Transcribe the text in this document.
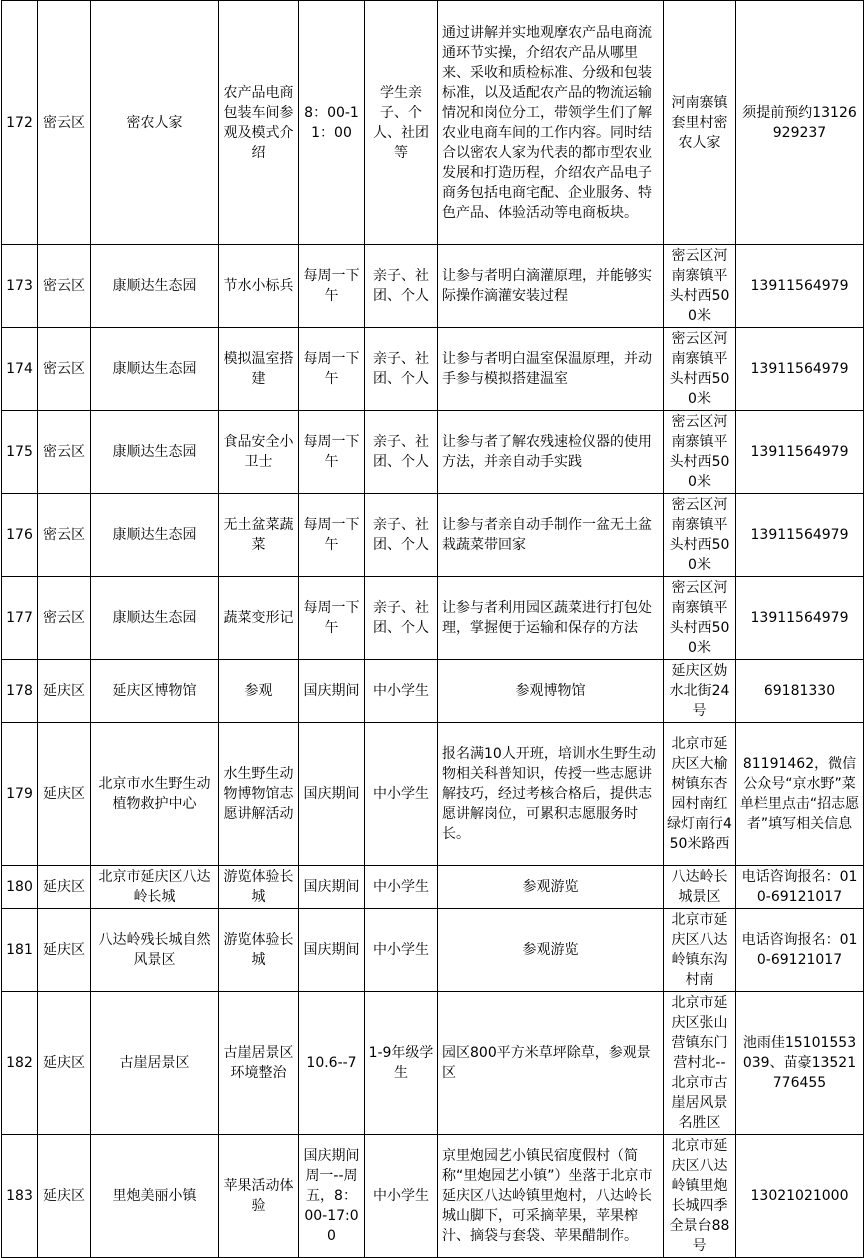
172	密云区	密农人家	农产品电商包装车间参观及模式介绍	8：00-11：00	学生亲子、个人、社团等	通过讲解并实地观摩农产品电商流通环节实操，介绍农产品从哪里来、采收和质检标准、分级和包装标准，以及适配农产品的物流运输情况和岗位分工，带领学生们了解农业电商车间的工作内容。同时结合以密农人家为代表的都市型农业发展和打造历程，介绍农产品电子商务包括电商宅配、企业服务、特色产品、体验活动等电商板块。	河南寨镇套里村密农人家	须提前预约13126929237
173	密云区	康顺达生态园	节水小标兵	每周一下午	亲子、社团、个人	让参与者明白滴灌原理，并能够实际操作滴灌安装过程	密云区河南寨镇平头村西500米	13911564979
174	密云区	康顺达生态园	模拟温室搭建	每周一下午	亲子、社团、个人	让参与者明白温室保温原理，并动手参与模拟搭建温室	密云区河南寨镇平头村西500米	13911564979
175	密云区	康顺达生态园	食品安全小卫士	每周一下午	亲子、社团、个人	让参与者了解农残速检仪器的使用方法，并亲自动手实践	密云区河南寨镇平头村西500米	13911564979
176	密云区	康顺达生态园	无土盆菜蔬菜	每周一下午	亲子、社团、个人	让参与者亲自动手制作一盆无土盆栽蔬菜带回家	密云区河南寨镇平头村西500米	13911564979
177	密云区	康顺达生态园	蔬菜变形记	每周一下午	亲子、社团、个人	让参与者利用园区蔬菜进行打包处理，掌握便于运输和保存的方法	密云区河南寨镇平头村西500米	13911564979
178	延庆区	延庆区博物馆	参观	国庆期间	中小学生	参观博物馆	延庆区妫水北街24号	69181330
179	延庆区	北京市水生野生动植物救护中心	水生野生动物博物馆志愿讲解活动	国庆期间	中小学生	报名满10人开班，培训水生野生动物相关科普知识，传授一些志愿讲解技巧，经过考核合格后，提供志愿讲解岗位，可累积志愿服务时长。	北京市延庆区大榆树镇东杏园村南红绿灯南行450米路西	81191462，微信公众号“京水野”菜单栏里点击“招志愿者”填写相关信息
180	延庆区	北京市延庆区八达岭长城	游览体验长城	国庆期间	中小学生	参观游览	八达岭长城景区	电话咨询报名：010-69121017
181	延庆区	八达岭残长城自然风景区	游览体验长城	国庆期间	中小学生	参观游览	北京市延庆区八达岭镇东沟村南	电话咨询报名：010-69121017
182	延庆区	古崖居景区	古崖居景区环境整治	10.6--7	1-9年级学生	园区800平方米草坪除草，参观景区	北京市延庆区张山营镇东门营村北--北京市古崖居风景名胜区	池雨佳15101553039、苗豪13521776455
183	延庆区	里炮美丽小镇	苹果活动体验	国庆期间周一--周五，8：00-17:00	中小学生	京里炮园艺小镇民宿度假村（简称“里炮园艺小镇”）坐落于北京市延庆区八达岭镇里炮村，八达岭长城山脚下，可采摘苹果，苹果榨汁、摘袋与套袋、苹果醋制作。	北京市延庆区八达岭镇里炮长城四季全景台88号	13021021000
